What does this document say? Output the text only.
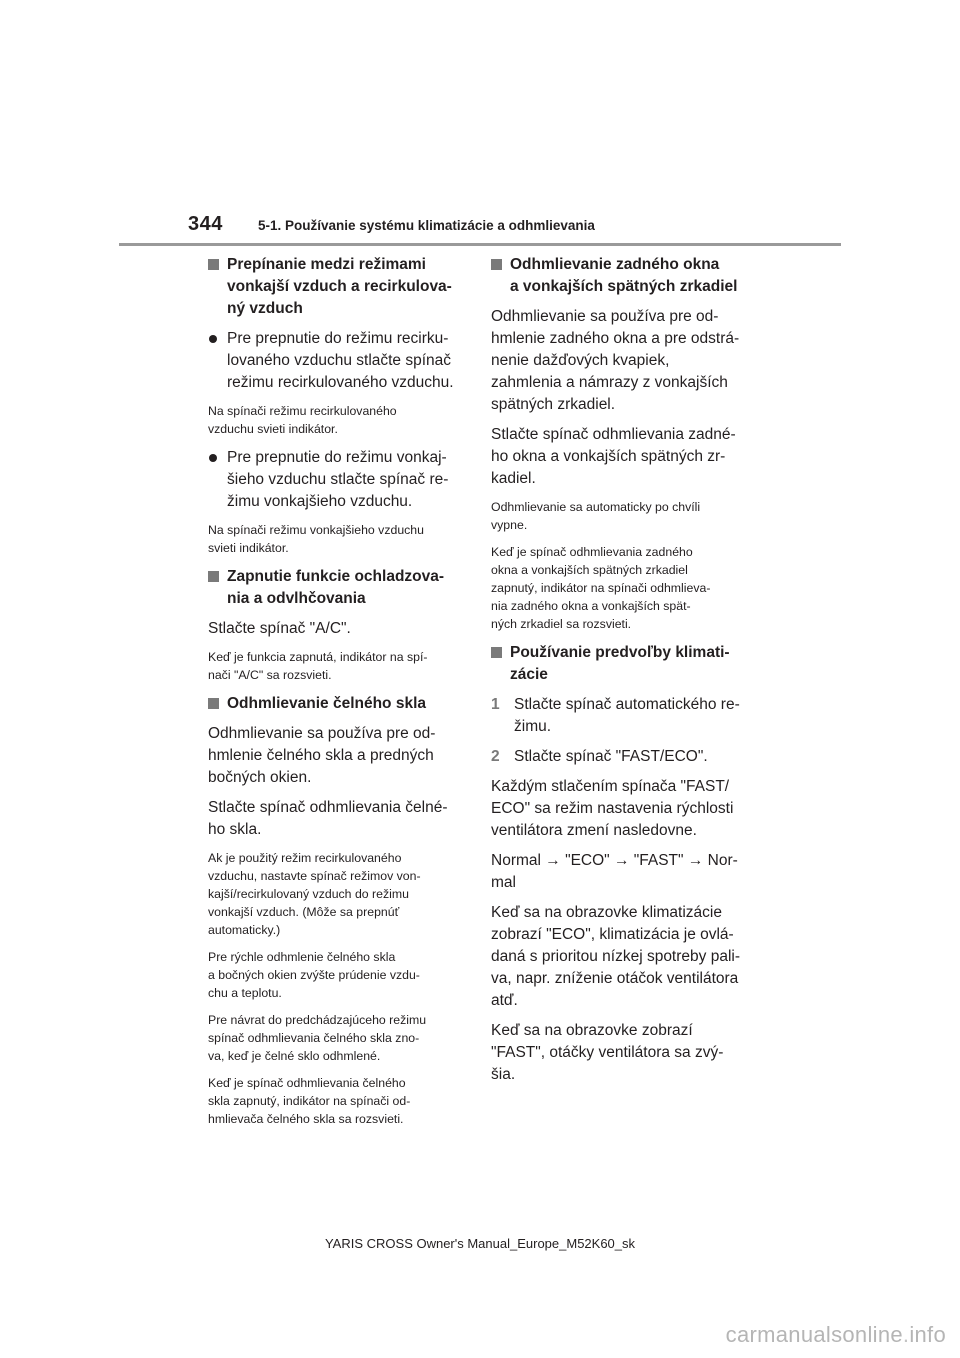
344	5-1. Používanie systému klimatizácie a odhmlievania
Prepínanie medzi režimami vonkajší vzduch a recirkulova-
ný vzduch
Pre prepnutie do režimu recirku-
lovaného vzduchu stlačte spínač
režimu recirkulovaného vzduchu.
Na spínači režimu recirkulovaného
vzduchu svieti indikátor.
Pre prepnutie do režimu vonkaj-
šieho vzduchu stlačte spínač re-
žimu vonkajšieho vzduchu.
Na spínači režimu vonkajšieho vzduchu
svieti indikátor.
Zapnutie funkcie ochladzova-
nia a odvlhčovania
Stlačte spínač "A/C".
Keď je funkcia zapnutá, indikátor na spí-
nači "A/C" sa rozsvieti.
Odhmlievanie čelného skla
Odhmlievanie sa používa pre od-
hmlenie čelného skla a predných
bočných okien.
Stlačte spínač odhmlievania čelné-
ho skla.
Ak je použitý režim recirkulovaného
vzduchu, nastavte spínač režimov von-
kajší/recirkulovaný vzduch do režimu
vonkajší vzduch. (Môže sa prepnúť
automaticky.)
Pre rýchle odhmlenie čelného skla
a bočných okien zvýšte prúdenie vzdu-
chu a teplotu.
Pre návrat do predchádzajúceho režimu
spínač odhmlievania čelného skla zno-
va, keď je čelné sklo odhmlené.
Keď je spínač odhmlievania čelného
skla zapnutý, indikátor na spínači od-
hmlievača čelného skla sa rozsvieti.
Odhmlievanie zadného okna
a vonkajších spätných zrkadiel
Odhmlievanie sa používa pre od-
hmlenie zadného okna a pre odstrá-
nenie dažďových kvapiek,
zahmlenia a námrazy z vonkajších
spätných zrkadiel.
Stlačte spínač odhmlievania zadné-
ho okna a vonkajších spätných zr-
kadiel.
Odhmlievanie sa automaticky po chvíli
vypne.
Keď je spínač odhmlievania zadného
okna a vonkajších spätných zrkadiel
zapnutý, indikátor na spínači odhmlieva-
nia zadného okna a vonkajších spät-
ných zrkadiel sa rozsvieti.
Používanie predvoľby klimati-
zácie
1 Stlačte spínač automatického re-
žimu.
2 Stlačte spínač "FAST/ECO".
Každým stlačením spínača "FAST/
ECO" sa režim nastavenia rýchlosti
ventilátora zmení nasledovne.
Normal → "ECO" → "FAST" → Nor-
mal
Keď sa na obrazovke klimatizácie
zobrazí "ECO", klimatizácia je ovlá-
daná s prioritou nízkej spotreby pali-
va, napr. zníženie otáčok ventilátora
atď.
Keď sa na obrazovke zobrazí
"FAST", otáčky ventilátora sa zvý-
šia.
YARIS CROSS Owner's Manual_Europe_M52K60_sk
carmanualsonline.info
